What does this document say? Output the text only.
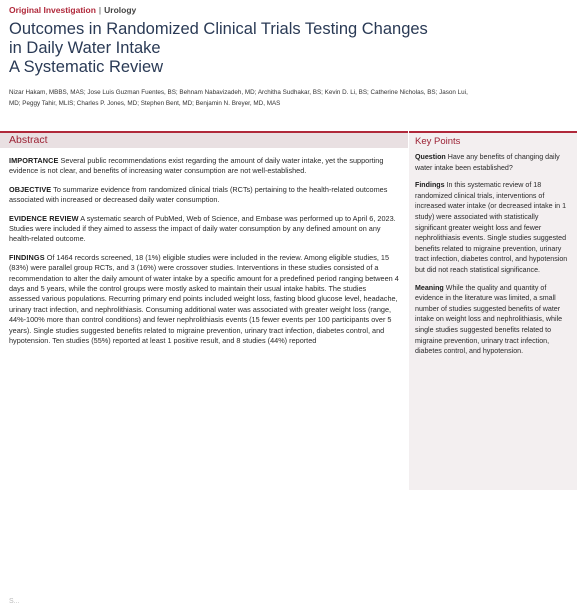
Original Investigation | Urology
Outcomes in Randomized Clinical Trials Testing Changes in Daily Water Intake
A Systematic Review
Nizar Hakam, MBBS, MAS; Jose Luis Guzman Fuentes, BS; Behnam Nabavizadeh, MD; Architha Sudhakar, BS; Kevin D. Li, BS; Catherine Nicholas, BS; Jason Lui, MD; Peggy Tahir, MLIS; Charles P. Jones, MD; Stephen Bent, MD; Benjamin N. Breyer, MD, MAS
Abstract

IMPORTANCE Several public recommendations exist regarding the amount of daily water intake, yet the supporting evidence is not clear, and benefits of increasing water consumption are not well-established.

OBJECTIVE To summarize evidence from randomized clinical trials (RCTs) pertaining to the health-related outcomes associated with increased or decreased daily water consumption.

EVIDENCE REVIEW A systematic search of PubMed, Web of Science, and Embase was performed up to April 6, 2023. Studies were included if they aimed to assess the impact of daily water consumption by any defined amount on any health-related outcome.

FINDINGS Of 1464 records screened, 18 (1%) eligible studies were included in the review. Among eligible studies, 15 (83%) were parallel group RCTs, and 3 (16%) were crossover studies. Interventions in these studies consisted of a recommendation to alter the daily amount of water intake by a specific amount for a predefined period ranging between 4 days and 5 years, while the control groups were mostly asked to maintain their usual intake habits. The studies assessed various populations. Recurring primary end points included weight loss, fasting blood glucose level, headache, urinary tract infection, and nephrolithiasis. Consuming additional water was associated with greater weight loss (range, 44%-100% more than control conditions) and fewer nephrolithiasis events (15 fewer events per 100 participants over 5 years). Single studies suggested benefits related to migraine prevention, urinary tract infection, diabetes control, and hypotension. Ten studies (55%) reported at least 1 positive result, and 8 studies (44%) reported

S...
Key Points

Question Have any benefits of changing daily water intake been established?

Findings In this systematic review of 18 randomized clinical trials, interventions of increased water intake (or decreased intake in 1 study) were associated with statistically significant greater weight loss and fewer nephrolithiasis events. Single studies suggested benefits related to migraine prevention, urinary tract infection, diabetes control, and hypotension but did not reach statistical significance.

Meaning While the quality and quantity of evidence in the literature was limited, a small number of studies suggested benefits of water intake on weight loss and nephrolithiasis, while single studies suggested benefits related to migraine prevention, urinary tract infection, diabetes control, and hypotension.
